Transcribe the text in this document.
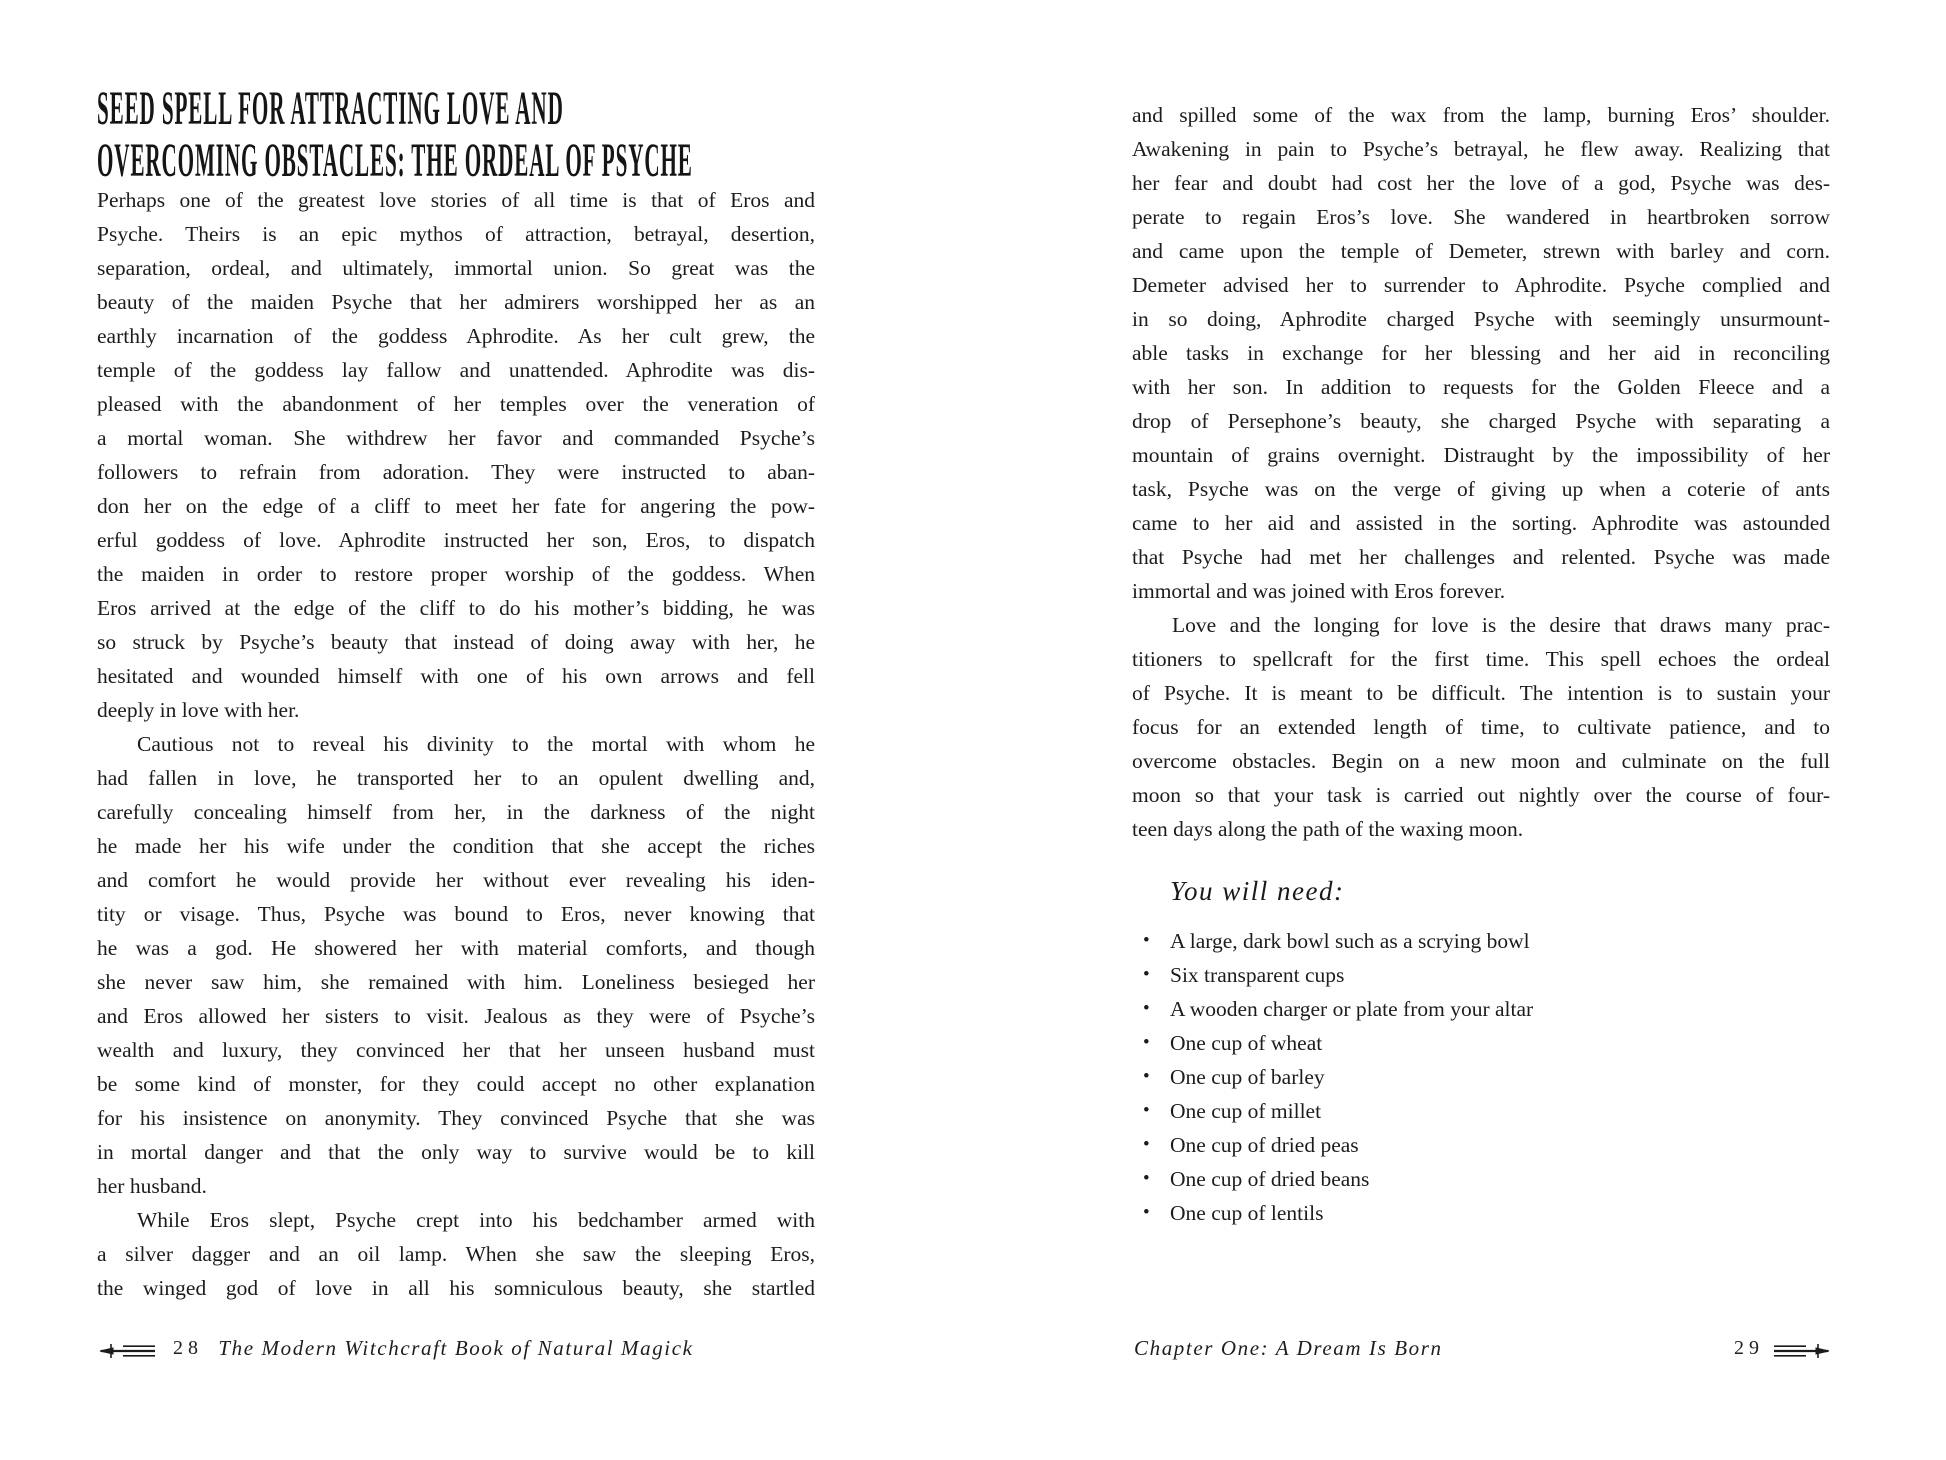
SEED SPELL FOR ATTRACTING LOVE AND
OVERCOMING OBSTACLES: THE ORDEAL OF PSYCHE
Perhaps one of the greatest love stories of all time is that of Eros and
Psyche. Theirs is an epic mythos of attraction, betrayal, desertion,
separation, ordeal, and ultimately, immortal union. So great was the
beauty of the maiden Psyche that her admirers worshipped her as an
earthly incarnation of the goddess Aphrodite. As her cult grew, the
temple of the goddess lay fallow and unattended. Aphrodite was dis-
pleased with the abandonment of her temples over the veneration of
a mortal woman. She withdrew her favor and commanded Psyche’s
followers to refrain from adoration. They were instructed to aban-
don her on the edge of a cliff to meet her fate for angering the pow-
erful goddess of love. Aphrodite instructed her son, Eros, to dispatch
the maiden in order to restore proper worship of the goddess. When
Eros arrived at the edge of the cliff to do his mother’s bidding, he was
so struck by Psyche’s beauty that instead of doing away with her, he
hesitated and wounded himself with one of his own arrows and fell
deeply in love with her.
Cautious not to reveal his divinity to the mortal with whom he
had fallen in love, he transported her to an opulent dwelling and,
carefully concealing himself from her, in the darkness of the night
he made her his wife under the condition that she accept the riches
and comfort he would provide her without ever revealing his iden-
tity or visage. Thus, Psyche was bound to Eros, never knowing that
he was a god. He showered her with material comforts, and though
she never saw him, she remained with him. Loneliness besieged her
and Eros allowed her sisters to visit. Jealous as they were of Psyche’s
wealth and luxury, they convinced her that her unseen husband must
be some kind of monster, for they could accept no other explanation
for his insistence on anonymity. They convinced Psyche that she was
in mortal danger and that the only way to survive would be to kill
her husband.
While Eros slept, Psyche crept into his bedchamber armed with
a silver dagger and an oil lamp. When she saw the sleeping Eros,
the winged god of love in all his somniculous beauty, she startled
28 The Modern Witchcraft Book of Natural Magick
and spilled some of the wax from the lamp, burning Eros’ shoulder.
Awakening in pain to Psyche’s betrayal, he flew away. Realizing that
her fear and doubt had cost her the love of a god, Psyche was des-
perate to regain Eros’s love. She wandered in heartbroken sorrow
and came upon the temple of Demeter, strewn with barley and corn.
Demeter advised her to surrender to Aphrodite. Psyche complied and
in so doing, Aphrodite charged Psyche with seemingly unsurmount-
able tasks in exchange for her blessing and her aid in reconciling
with her son. In addition to requests for the Golden Fleece and a
drop of Persephone’s beauty, she charged Psyche with separating a
mountain of grains overnight. Distraught by the impossibility of her
task, Psyche was on the verge of giving up when a coterie of ants
came to her aid and assisted in the sorting. Aphrodite was astounded
that Psyche had met her challenges and relented. Psyche was made
immortal and was joined with Eros forever.
Love and the longing for love is the desire that draws many prac-
titioners to spellcraft for the first time. This spell echoes the ordeal
of Psyche. It is meant to be difficult. The intention is to sustain your
focus for an extended length of time, to cultivate patience, and to
overcome obstacles. Begin on a new moon and culminate on the full
moon so that your task is carried out nightly over the course of four-
teen days along the path of the waxing moon.
You will need:
• A large, dark bowl such as a scrying bowl
• Six transparent cups
• A wooden charger or plate from your altar
• One cup of wheat
• One cup of barley
• One cup of millet
• One cup of dried peas
• One cup of dried beans
• One cup of lentils
Chapter One: A Dream Is Born	29
